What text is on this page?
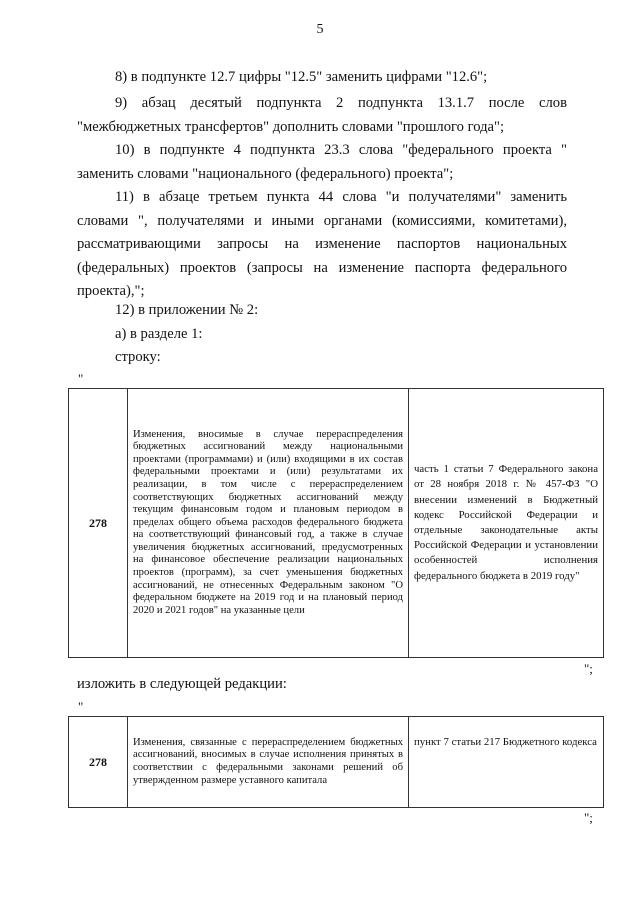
5
8) в подпункте 12.7 цифры "12.5" заменить цифрами "12.6";
9) абзац десятый подпункта 2 подпункта 13.1.7 после слов "межбюджетных трансфертов" дополнить словами "прошлого года";
10) в подпункте 4 подпункта 23.3 слова "федерального проекта " заменить словами "национального (федерального) проекта";
11) в абзаце третьем пункта 44 слова "и получателями" заменить словами ", получателями и иными органами (комиссиями, комитетами), рассматривающими запросы на изменение паспортов национальных (федеральных) проектов (запросы на изменение паспорта федерального проекта),";
12) в приложении № 2:
а) в разделе 1:
строку:
"
278	Изменения, вносимые в случае перераспределения бюджетных ассигнований между национальными проектами (программами) и (или) входящими в их состав федеральными проектами и (или) результатами их реализации, в том числе с перераспределением соответствующих бюджетных ассигнований между текущим финансовым годом и плановым периодом в пределах общего объема расходов федерального бюджета на соответствующий финансовый год, а также в случае увеличения бюджетных ассигнований, предусмотренных на финансовое обеспечение реализации национальных проектов (программ), за счет уменьшения бюджетных ассигнований, не отнесенных Федеральным законом "О федеральном бюджете на 2019 год и на плановый период 2020 и 2021 годов" на указанные цели	часть 1 статьи 7 Федерального закона от 28 ноября 2018 г. № 457-ФЗ "О внесении изменений в Бюджетный кодекс Российской Федерации и отдельные законодательные акты Российской Федерации и установлении особенностей исполнения федерального бюджета в 2019 году"
";
изложить в следующей редакции:
"
278	Изменения, связанные с перераспределением бюджетных ассигнований, вносимых в случае исполнения принятых в соответствии с федеральными законами решений об утвержденном размере уставного капитала	пункт 7 статьи 217 Бюджетного кодекса
";
